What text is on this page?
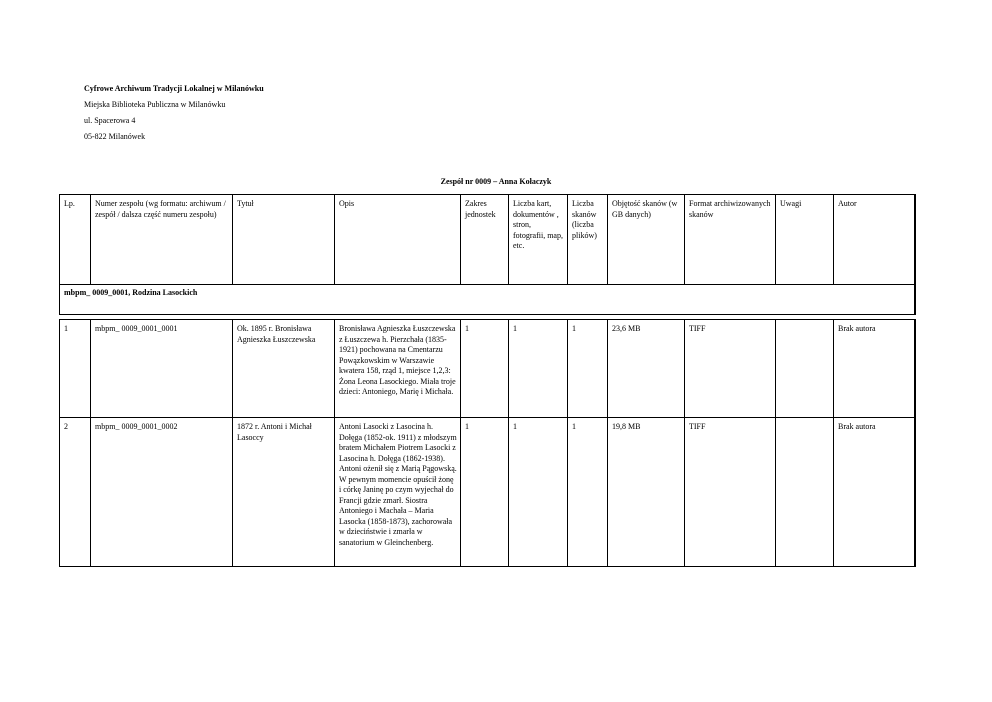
Cyfrowe Archiwum Tradycji Lokalnej w Milanówku
Miejska Biblioteka Publiczna w Milanówku
ul. Spacerowa 4
05-822 Milanówek
Zespół nr 0009 – Anna Kołaczyk
Lp.	Numer zespołu (wg formatu: archiwum / zespół / dalsza część numeru zespołu)	Tytuł	Opis	Zakres jednostek	Liczba kart, dokumentów , stron, fotografii, map, etc.	Liczba skanów (liczba plików)	Objętość skanów (w GB danych)	Format archiwizowanych skanów	Uwagi	Autor
mbpm_ 0009_0001, Rodzina Lasockich										

1	mbpm_ 0009_0001_0001	Ok. 1895 r. Bronisława Agnieszka Łuszczewska	Bronisława Agnieszka Łuszczewska z Łuszczewa h. Pierzchała (1835-1921) pochowana na Cmentarzu Powązkowskim w Warszawie kwatera 158, rząd 1, miejsce 1,2,3: Żona Leona Lasockiego. Miała troje dzieci: Antoniego, Marię i Michała.	1	1	1	23,6 MB	TIFF		Brak autora
2	mbpm_ 0009_0001_0002	1872 r. Antoni i Michał Lasoccy	Antoni Lasocki z Lasocina h. Dołęga (1852-ok. 1911) z młodszym bratem Michałem Piotrem Lasocki z Lasocina h. Dołęga (1862-1938). Antoni ożenił się z Marią Pągowską. W pewnym momencie opuścił żonę i córkę Janinę po czym wyjechał do Francji gdzie zmarł. Siostra Antoniego i Machała – Maria Lasocka (1858-1873), zachorowała w dzieciństwie i zmarła w sanatorium w Gleinchenberg.	1	1	1	19,8 MB	TIFF		Brak autora
